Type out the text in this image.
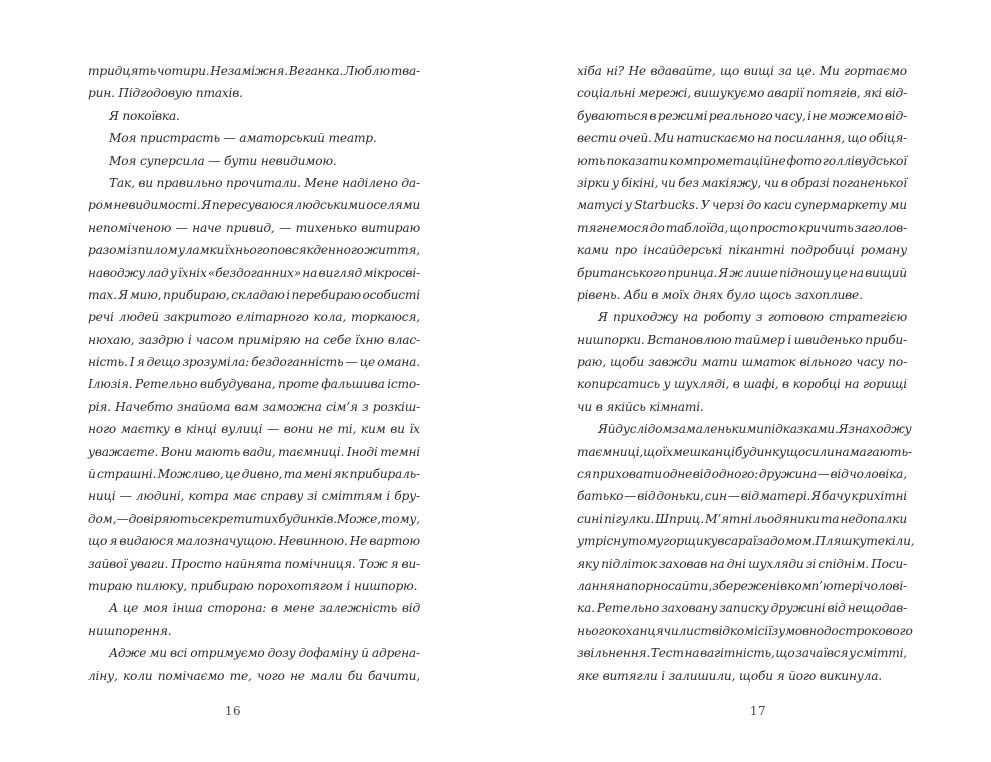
тридцять чотири. Незаміжня. Веганка. Люблю тва-
рин. Підгодовую птахів.
Я покоївка.
Моя пристрасть — аматорський театр.
Моя суперсила — бути невидимою.
Так, ви правильно прочитали. Мене наділено да-
ром невидимості. Я пересуваюся людськими оселями
непоміченою — наче привид, — тихенько витираю
разом із пилом уламки їхнього повсякденного життя,
наводжу лад у їхніх «бездоганних» на вигляд мікросві-
тах. Я мию, прибираю, складаю і перебираю особисті
речі людей закритого елітарного кола, торкаюся,
нюхаю, заздрю і часом приміряю на себе їхню влас-
ність. І я дещо зрозуміла: бездоганність — це омана.
Ілюзія. Ретельно вибудувана, проте фальшива істо-
рія. Начебто знайома вам заможна сім’я з розкіш-
ного маєтку в кінці вулиці — вони не ті, ким ви їх
уважаєте. Вони мають вади, таємниці. Іноді темні
й страшні. Можливо, це дивно, та мені як прибираль-
ниці — людині, котра має справу зі сміттям і бру-
дом, — довіряють секрети тих будинків. Може, тому,
що я видаюся малозначущою. Невинною. Не вартою
зайвої уваги. Просто найнята помічниця. Тож я ви-
тираю пилюку, прибираю порохотягом і нишпорю.
А це моя інша сторона: в мене залежність від
нишпорення.
Адже ми всі отримуємо дозу дофаміну й адрена-
ліну, коли помічаємо те, чого не мали би бачити,
16
хіба ні? Не вдавайте, що вищі за це. Ми гортаємо
соціальні мережі, вишукуємо аварії потягів, які від-
буваються в режимі реального часу, і не можемо від-
вести очей. Ми натискаємо на посилання, що обіця-
ють показати компрометаційне фото голлівудської
зірки у бікіні, чи без макіяжу, чи в образі поганенької
матусі у Starbucks. У черзі до каси супермаркету ми
тягнемося до таблоїда, що просто кричить заголов-
ками про інсайдерські пікантні подробиці роману
британського принца. Я ж лише підношу це на вищий
рівень. Аби в моїх днях було щось захопливе.
Я приходжу на роботу з готовою стратегією
нишпорки. Встановлюю таймер і швиденько приби-
раю, щоби завжди мати шматок вільного часу по-
копирсатись у шухляді, в шафі, в коробці на горищі
чи в якійсь кімнаті.
Я йду слідом за маленькими підказками. Я знаходжу
таємниці, що їх мешканці будинку щосили намагають-
ся приховати одне від одного: дружина — від чоловіка,
батько — від доньки, син — від матері. Я бачу крихітні
сині пігулки. Шприц. М’ятні льодяники та недопалки
у тріснутому горщику в сараї за домом. Пляшку текіли,
яку підліток заховав на дні шухляди зі спіднім. Поси-
лання на порносайти, збережені в комп’ютері чолові-
ка. Ретельно заховану записку дружині від нещодав-
нього коханця чи лист від комісії з умовно дострокового
звільнення. Тест на вагітність, що зачаївся у смітті,
яке витягли і залишили, щоби я його викинула.
17
